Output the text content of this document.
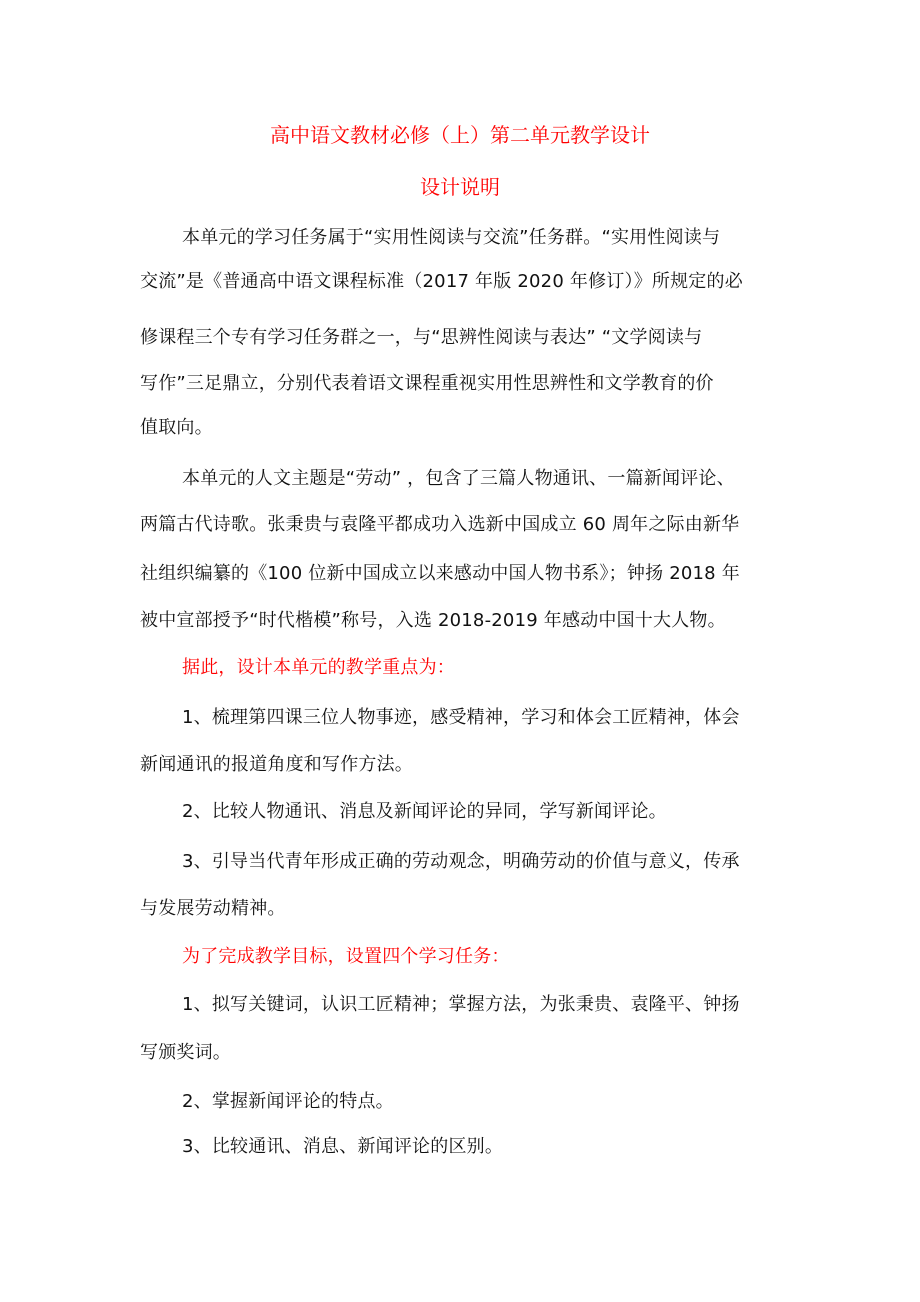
高中语文教材必修（上）第二单元教学设计
设计说明
本单元的学习任务属于“实用性阅读与交流”任务群。“实用性阅读与
交流”是《普通高中语文课程标准（2017 年版 2020 年修订）》所规定的必
修课程三个专有学习任务群之一，与“思辨性阅读与表达” “文学阅读与
写作”三足鼎立，分别代表着语文课程重视实用性思辨性和文学教育的价
值取向。
本单元的人文主题是“劳动” ，包含了三篇人物通讯、一篇新闻评论、
两篇古代诗歌。张秉贵与袁隆平都成功入选新中国成立 60 周年之际由新华
社组织编纂的《100 位新中国成立以来感动中国人物书系》；钟扬 2018 年
被中宣部授予“时代楷模”称号，入选 2018-2019 年感动中国十大人物。
据此，设计本单元的教学重点为：
1、梳理第四课三位人物事迹，感受精神，学习和体会工匠精神，体会
新闻通讯的报道角度和写作方法。
2、比较人物通讯、消息及新闻评论的异同，学写新闻评论。
3、引导当代青年形成正确的劳动观念，明确劳动的价值与意义，传承
与发展劳动精神。
为了完成教学目标，设置四个学习任务：
1、拟写关键词，认识工匠精神；掌握方法，为张秉贵、袁隆平、钟扬
写颁奖词。
2、掌握新闻评论的特点。
3、比较通讯、消息、新闻评论的区别。
